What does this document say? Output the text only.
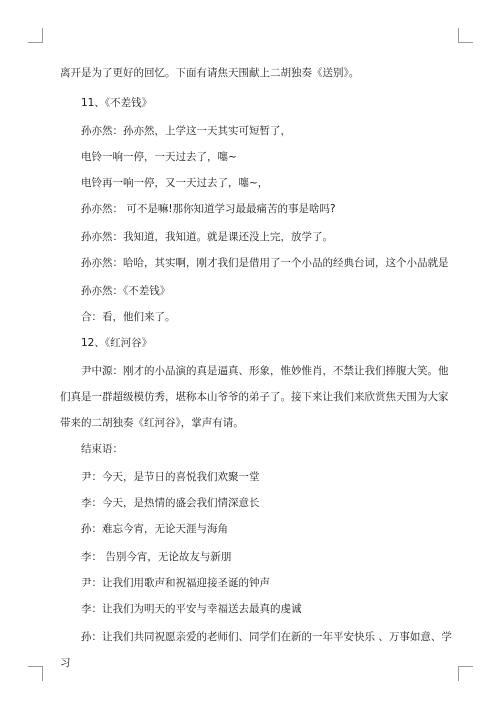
离开是为了更好的回忆。下面有请焦天围献上二胡独奏《送别》。

11、《不差钱》

孙亦然：孙亦然，上学这一天其实可短暂了，

电铃一响一停，一天过去了，噻~

电铃再一响一停，又一天过去了，噻~，

孙亦然： 可不是嘛!那你知道学习最最痛苦的事是啥吗?

孙亦然：我知道，我知道。就是课还没上完，放学了。

孙亦然：哈哈，其实啊，刚才我们是借用了一个小品的经典台词，这个小品就是

孙亦然：《不差钱》

合：看，他们来了。

12、《红河谷》

尹中源：刚才的小品演的真是逼真、形象，惟妙惟肖，不禁让我们捧腹大笑。他

们真是一群超级模仿秀，堪称本山爷爷的弟子了。接下来让我们来欣赏焦天围为大家

带来的二胡独奏《红河谷》，掌声有请。

结束语：

尹：今天，是节日的喜悦我们欢聚一堂

李：今天，是热情的盛会我们情深意长

孙：难忘今宵，无论天涯与海角

李： 告别今宵，无论故友与新朋

尹：让我们用歌声和祝福迎接圣诞的钟声

李：让我们为明天的平安与幸福送去最真的虔诚

孙：让我们共同祝愿亲爱的老师们、同学们在新的一年平安快乐 、万事如意、学

习
